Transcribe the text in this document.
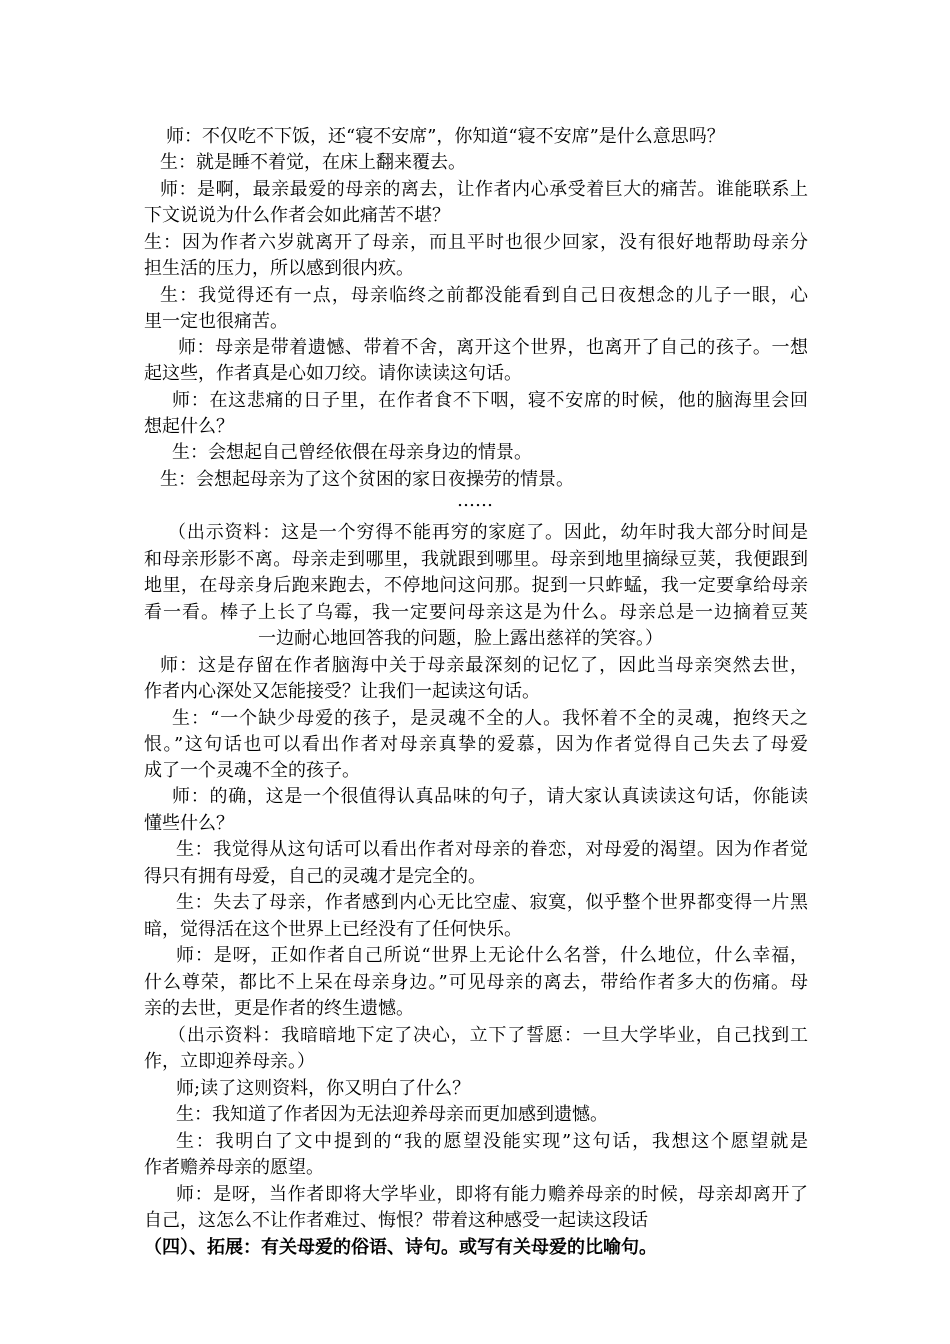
师：不仅吃不下饭，还“寝不安席”，你知道“寝不安席”是什么意思吗？
生：就是睡不着觉，在床上翻来覆去。
师：是啊，最亲最爱的母亲的离去，让作者内心承受着巨大的痛苦。谁能联系上
下文说说为什么作者会如此痛苦不堪？
生：因为作者六岁就离开了母亲，而且平时也很少回家，没有很好地帮助母亲分
担生活的压力，所以感到很内疚。
生：我觉得还有一点，母亲临终之前都没能看到自己日夜想念的儿子一眼，心
里一定也很痛苦。
师：母亲是带着遗憾、带着不舍，离开这个世界，也离开了自己的孩子。一想
起这些，作者真是心如刀绞。请你读读这句话。
师：在这悲痛的日子里，在作者食不下咽，寝不安席的时候，他的脑海里会回
想起什么？
生：会想起自己曾经依偎在母亲身边的情景。
生：会想起母亲为了这个贫困的家日夜操劳的情景。
……
（出示资料：这是一个穷得不能再穷的家庭了。因此，幼年时我大部分时间是
和母亲形影不离。母亲走到哪里，我就跟到哪里。母亲到地里摘绿豆荚，我便跟到
地里，在母亲身后跑来跑去，不停地问这问那。捉到一只蚱蜢，我一定要拿给母亲
看一看。棒子上长了乌霉，我一定要问母亲这是为什么。母亲总是一边摘着豆荚
一边耐心地回答我的问题，脸上露出慈祥的笑容。）
师：这是存留在作者脑海中关于母亲最深刻的记忆了，因此当母亲突然去世，
作者内心深处又怎能接受？让我们一起读这句话。
生：“一个缺少母爱的孩子，是灵魂不全的人。我怀着不全的灵魂，抱终天之
恨。”这句话也可以看出作者对母亲真挚的爱慕，因为作者觉得自己失去了母爱
成了一个灵魂不全的孩子。
师：的确，这是一个很值得认真品味的句子，请大家认真读读这句话，你能读
懂些什么？
生：我觉得从这句话可以看出作者对母亲的眷恋，对母爱的渴望。因为作者觉
得只有拥有母爱，自己的灵魂才是完全的。
生：失去了母亲，作者感到内心无比空虚、寂寞，似乎整个世界都变得一片黑
暗，觉得活在这个世界上已经没有了任何快乐。
师：是呀，正如作者自己所说“世界上无论什么名誉，什么地位，什么幸福，
什么尊荣，都比不上呆在母亲身边。”可见母亲的离去，带给作者多大的伤痛。母
亲的去世，更是作者的终生遗憾。
（出示资料：我暗暗地下定了决心，立下了誓愿：一旦大学毕业，自己找到工
作，立即迎养母亲。）
师;读了这则资料，你又明白了什么？
生：我知道了作者因为无法迎养母亲而更加感到遗憾。
生：我明白了文中提到的“我的愿望没能实现”这句话，我想这个愿望就是
作者赡养母亲的愿望。
师：是呀，当作者即将大学毕业，即将有能力赡养母亲的时候，母亲却离开了
自己，这怎么不让作者难过、悔恨？带着这种感受一起读这段话
（四）、拓展：有关母爱的俗语、诗句。或写有关母爱的比喻句。
